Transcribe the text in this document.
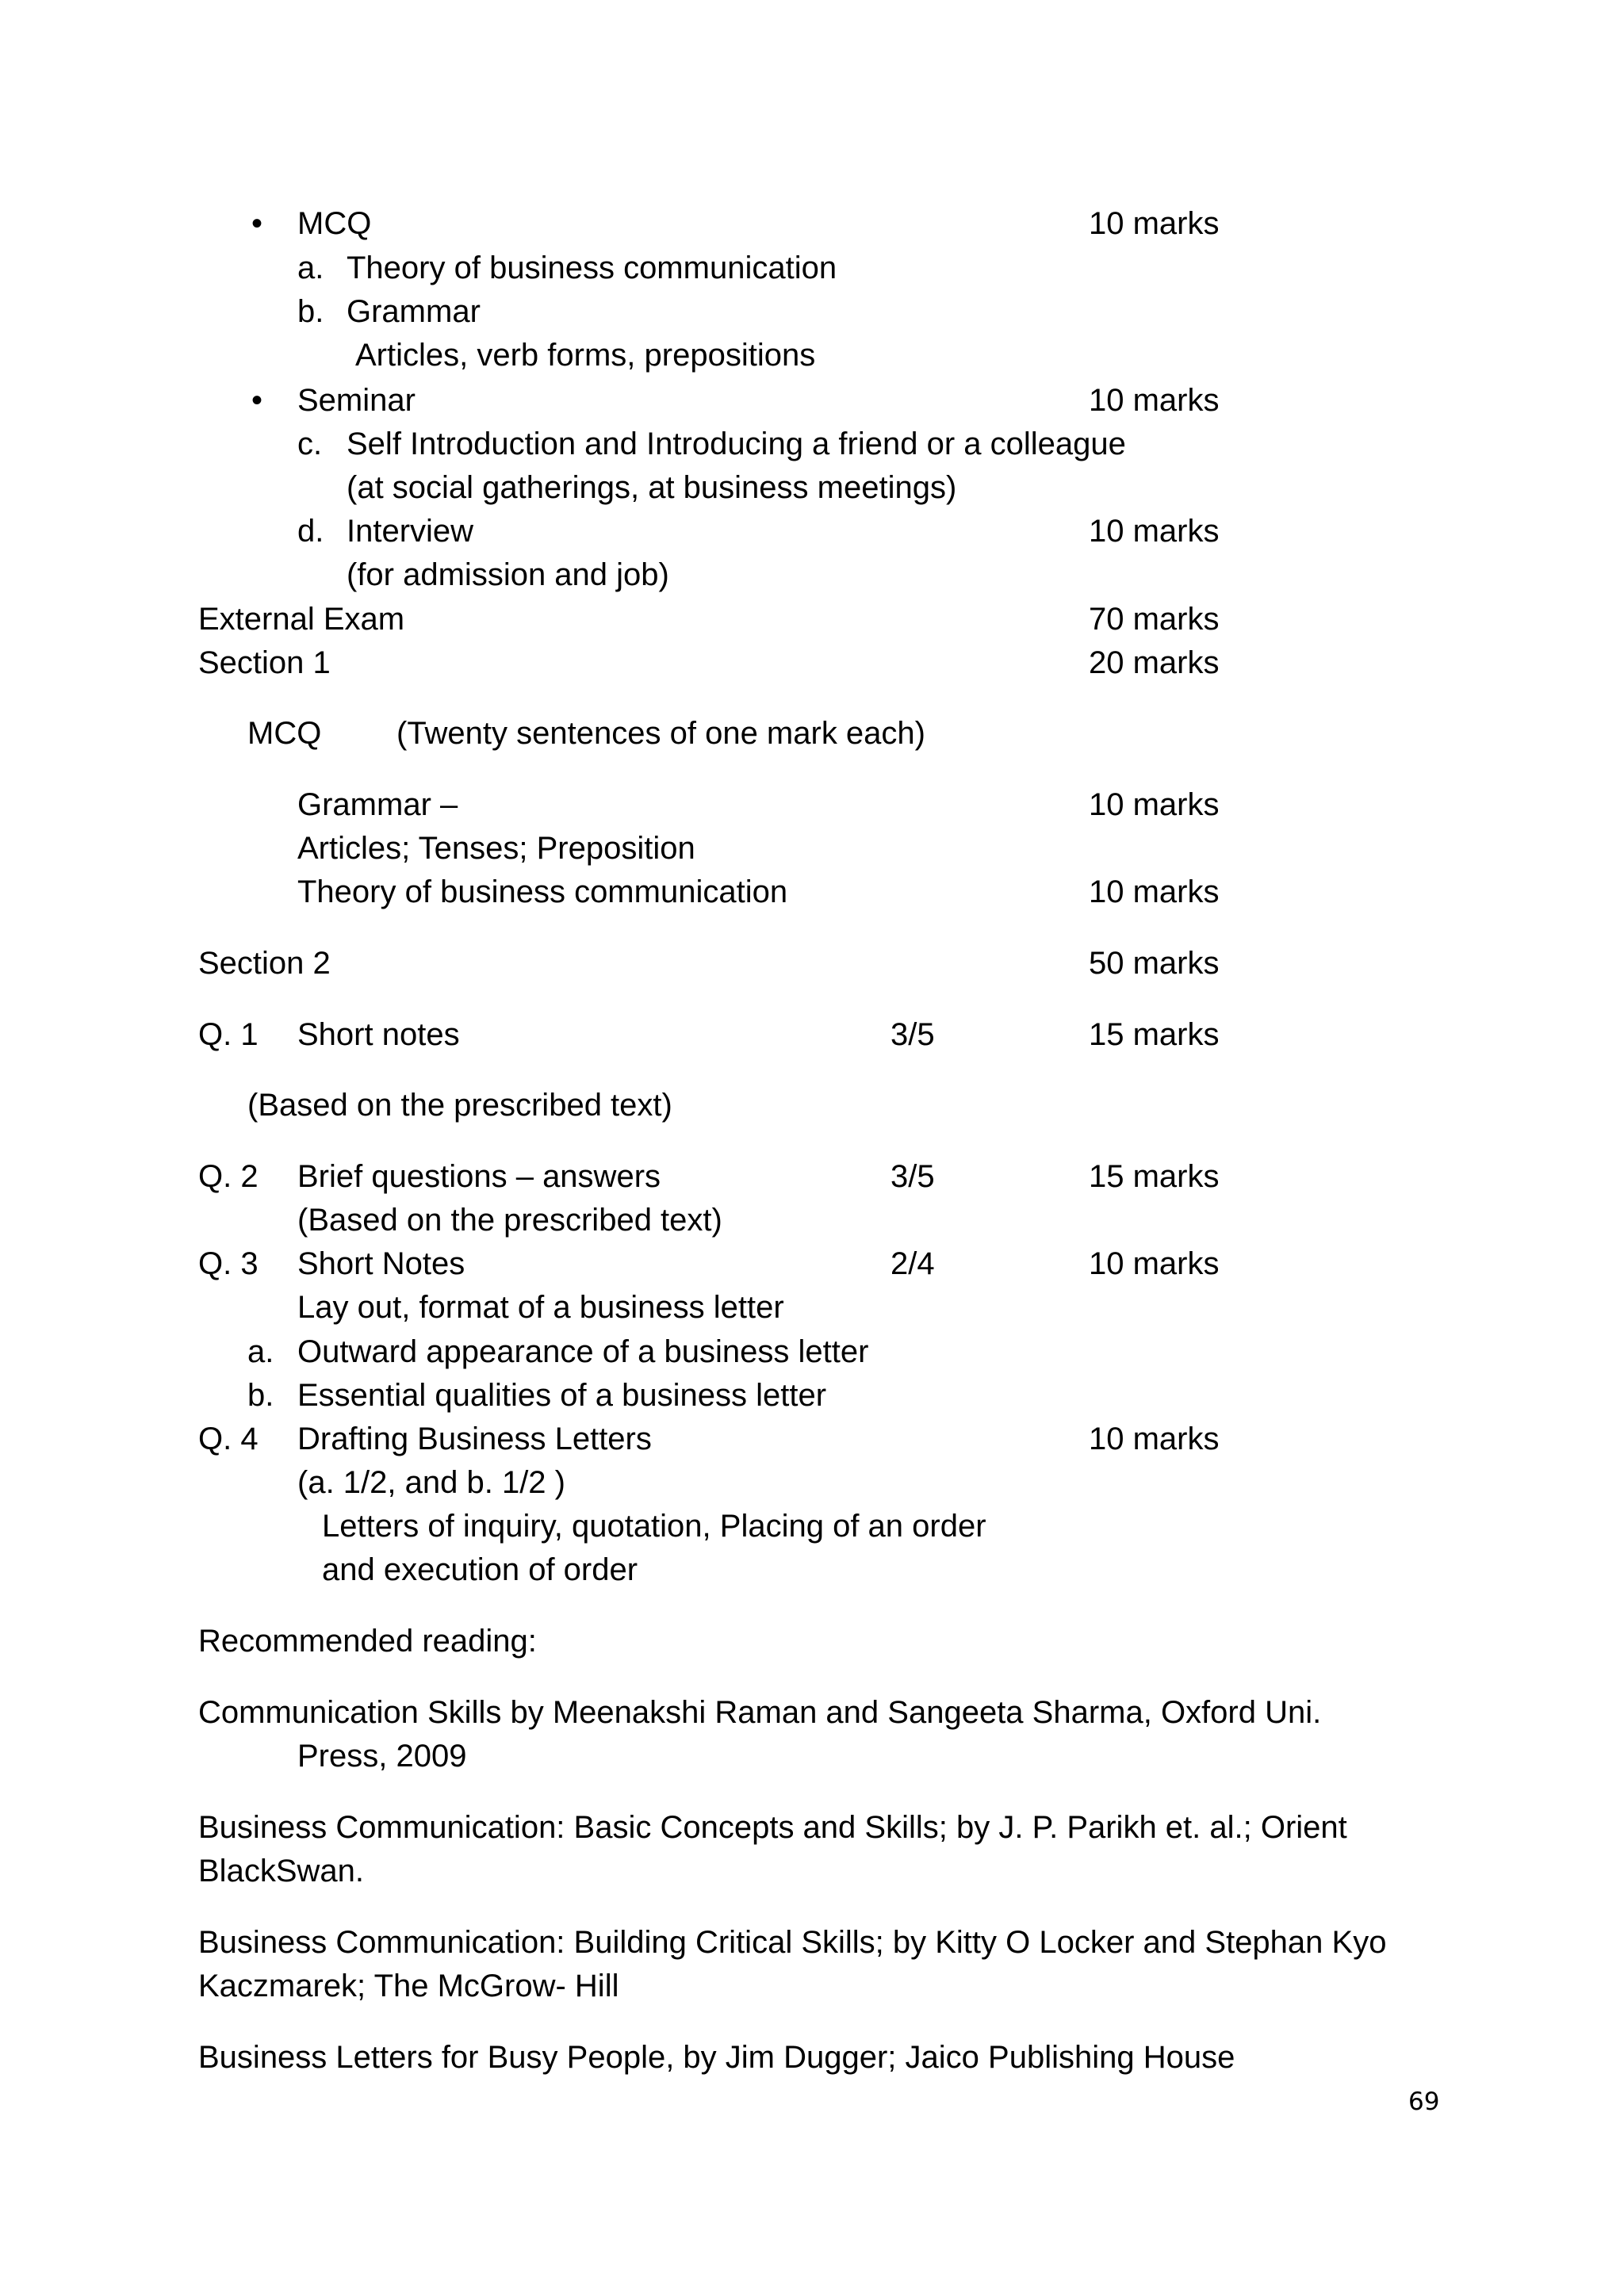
• MCQ	10 marks
a. Theory of business communication
b. Grammar
Articles, verb forms, prepositions
• Seminar	10 marks
c. Self Introduction and Introducing a friend or a colleague
(at social gatherings, at business meetings)
d. Interview	10 marks
(for admission and job)
External Exam	70 marks
Section 1	20 marks
MCQ (Twenty sentences of one mark each)
Grammar –	10 marks
Articles; Tenses; Preposition
Theory of business communication	10 marks
Section 2	50 marks
Q. 1 Short notes	3/5	15 marks
(Based on the prescribed text)
Q. 2 Brief questions – answers	3/5	15 marks
(Based on the prescribed text)
Q. 3 Short Notes	2/4	10 marks
Lay out, format of a business letter
a. Outward appearance of a business letter
b. Essential qualities of a business letter
Q. 4 Drafting Business Letters	10 marks
(a. 1/2, and b. 1/2 )
Letters of inquiry, quotation, Placing of an order
and execution of order
Recommended reading:
Communication Skills by Meenakshi Raman and Sangeeta Sharma, Oxford Uni.
Press, 2009
Business Communication: Basic Concepts and Skills; by J. P. Parikh et. al.; Orient
BlackSwan.
Business Communication: Building Critical Skills; by Kitty O Locker and Stephan Kyo
Kaczmarek; The McGrow- Hill
Business Letters for Busy People, by Jim Dugger; Jaico Publishing House
69
